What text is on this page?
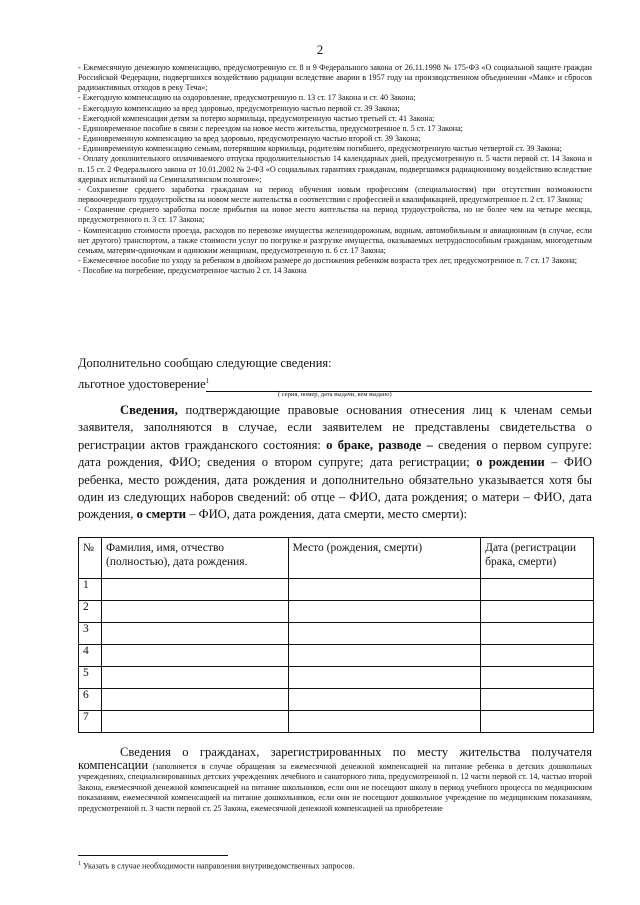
2

- Ежемесячную денежную компенсацию, предусмотренную ст. 8 и 9 Федерального закона от 26.11.1998 № 175-ФЗ «О социальной защите граждан Российской Федерации, подвергшихся воздействию радиации вследствие аварии в 1957 году на производственном объединении «Маяк» и сбросов радиоактивных отходов в реку Теча»;

- Ежегодную компенсацию на оздоровление, предусмотренную п. 13 ст. 17 Закона и ст. 40 Закона;

- Ежегодную компенсацию за вред здоровью, предусмотренную частью первой ст. 39 Закона;

- Ежегодной компенсации детям за потерю кормильца, предусмотренную частью третьей ст. 41 Закона;

- Единовременное пособие в связи с переездом на новое место жительства, предусмотренное п. 5 ст. 17 Закона;

- Единовременную компенсацию за вред здоровью, предусмотренную частью второй ст. 39 Закона;

- Единовременную компенсацию семьям, потерявшим кормильца, родителям погибшего, предусмотренную частью четвертой ст. 39 Закона;

- Оплату дополнительного оплачиваемого отпуска продолжительностью 14 календарных дней, предусмотренную п. 5 части первой ст. 14 Закона и п. 15 ст. 2 Федерального закона от 10.01.2002 № 2-ФЗ «О социальных гарантиях гражданам, подвергшимся радиационному воздействию вследствие ядерных испытаний на Семипалатинском полигоне»;

- Сохранение среднего заработка гражданам на период обучения новым профессиям (специальностям) при отсутствии возможности первоочередного трудоустройства на новом месте жительства в соответствии с профессией и квалификацией, предусмотренное п. 2 ст. 17 Закона;

- Сохранение среднего заработка после прибытия на новое место жительства на период трудоустройства, но не более чем на четыре месяца, предусмотренного п. 3 ст. 17 Закона;

- Компенсацию стоимости проезда, расходов по перевозке имущества железнодорожным, водным, автомобильным и авиационным (в случае, если нет другого) транспортом, а также стоимости услуг по погрузке и разгрузке имущества, оказываемых нетрудоспособным гражданам, многодетным семьям, матерям-одиночкам и одиноким женщинам, предусмотренную п. 6 ст. 17 Закона;

- Ежемесячное пособие по уходу за ребенком в двойном размере до достижения ребенком возраста трех лет, предусмотренное п. 7 ст. 17 Закона;

- Пособие на погребение, предусмотренное частью 2 ст. 14 Закона

Дополнительно сообщаю следующие сведения:
льготное удостоверение$^1$
( серия, номер, дата выдачи, кем выдано)

Сведения, подтверждающие правовые основания отнесения лиц к членам семьи заявителя, заполняются в случае, если заявителем не представлены свидетельства о регистрации актов гражданского состояния: о браке, разводе – сведения о первом супруге: дата рождения, ФИО; сведения о втором супруге; дата регистрации; о рождении – ФИО ребенка, место рождения, дата рождения и дополнительно обязательно указывается хотя бы один из следующих наборов сведений: об отце – ФИО, дата рождения; о матери – ФИО, дата рождения, о смерти – ФИО, дата рождения, дата смерти, место смерти):

№	Фамилия, имя, отчество (полностью), дата рождения.	Место (рождения, смерти)	Дата (регистрации брака, смерти)
1			
2			
3			
4			
5			
6			
7			

Сведения о гражданах, зарегистрированных по месту жительства получателя компенсации (заполняется в случае обращения за ежемесячной денежной компенсацией на питание ребенка в детских дошкольных учреждениях, специализированных детских учреждениях лечебного и санаторного типа, предусмотренной п. 12 части первой ст. 14, частью второй Закона, ежемесячной денежной компенсацией на питание школьников, если они не посещают школу в период учебного процесса по медицинским показаниям, ежемесячной компенсацией на питание дошкольников, если они не посещают дошкольное учреждение по медицинским показаниям, предусмотренной п. 3 части первой ст. 25 Закона, ежемесячной денежной компенсацией на приобретение

$^1$ Указать в случае необходимости направления внутриведомственных запросов.
